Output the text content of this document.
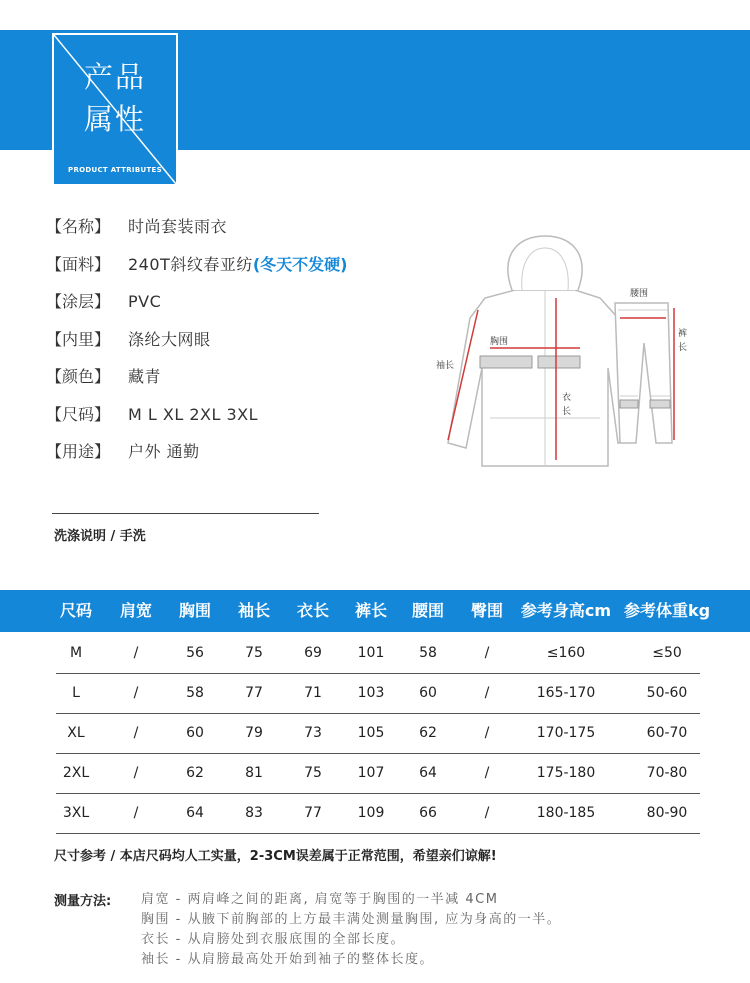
产品
属性
PRODUCT ATTRIBUTES
【名称】 时尚套装雨衣
【面料】 240T斜纹春亚纺(冬天不发硬)
【涂层】 PVC
【内里】 涤纶大网眼
【颜色】 藏青
【尺码】 M L XL 2XL 3XL
【用途】 户外 通勤
胸围
袖长
衣
长
腰围
裤
长
洗涤说明 / 手洗
尺码	肩宽	胸围	袖长	衣长	裤长	腰围	臀围	参考身高cm 参考体重kg
M	/	56	75	69	101	58	/	≤160	≤50
L	/	58	77	71	103	60	/	165-170	50-60
XL	/	60	79	73	105	62	/	170-175	60-70
2XL	/	62	81	75	107	64	/	175-180	70-80
3XL	/	64	83	77	109	66	/	180-185	80-90
尺寸参考 / 本店尺码均人工实量，2-3CM误差属于正常范围，希望亲们谅解!
测量方法: 肩宽 - 两肩峰之间的距离, 肩宽等于胸围的一半减 4CM
胸围 - 从腋下前胸部的上方最丰满处测量胸围, 应为身高的一半。
衣长 - 从肩膀处到衣服底围的全部长度。
袖长 - 从肩膀最高处开始到袖子的整体长度。
